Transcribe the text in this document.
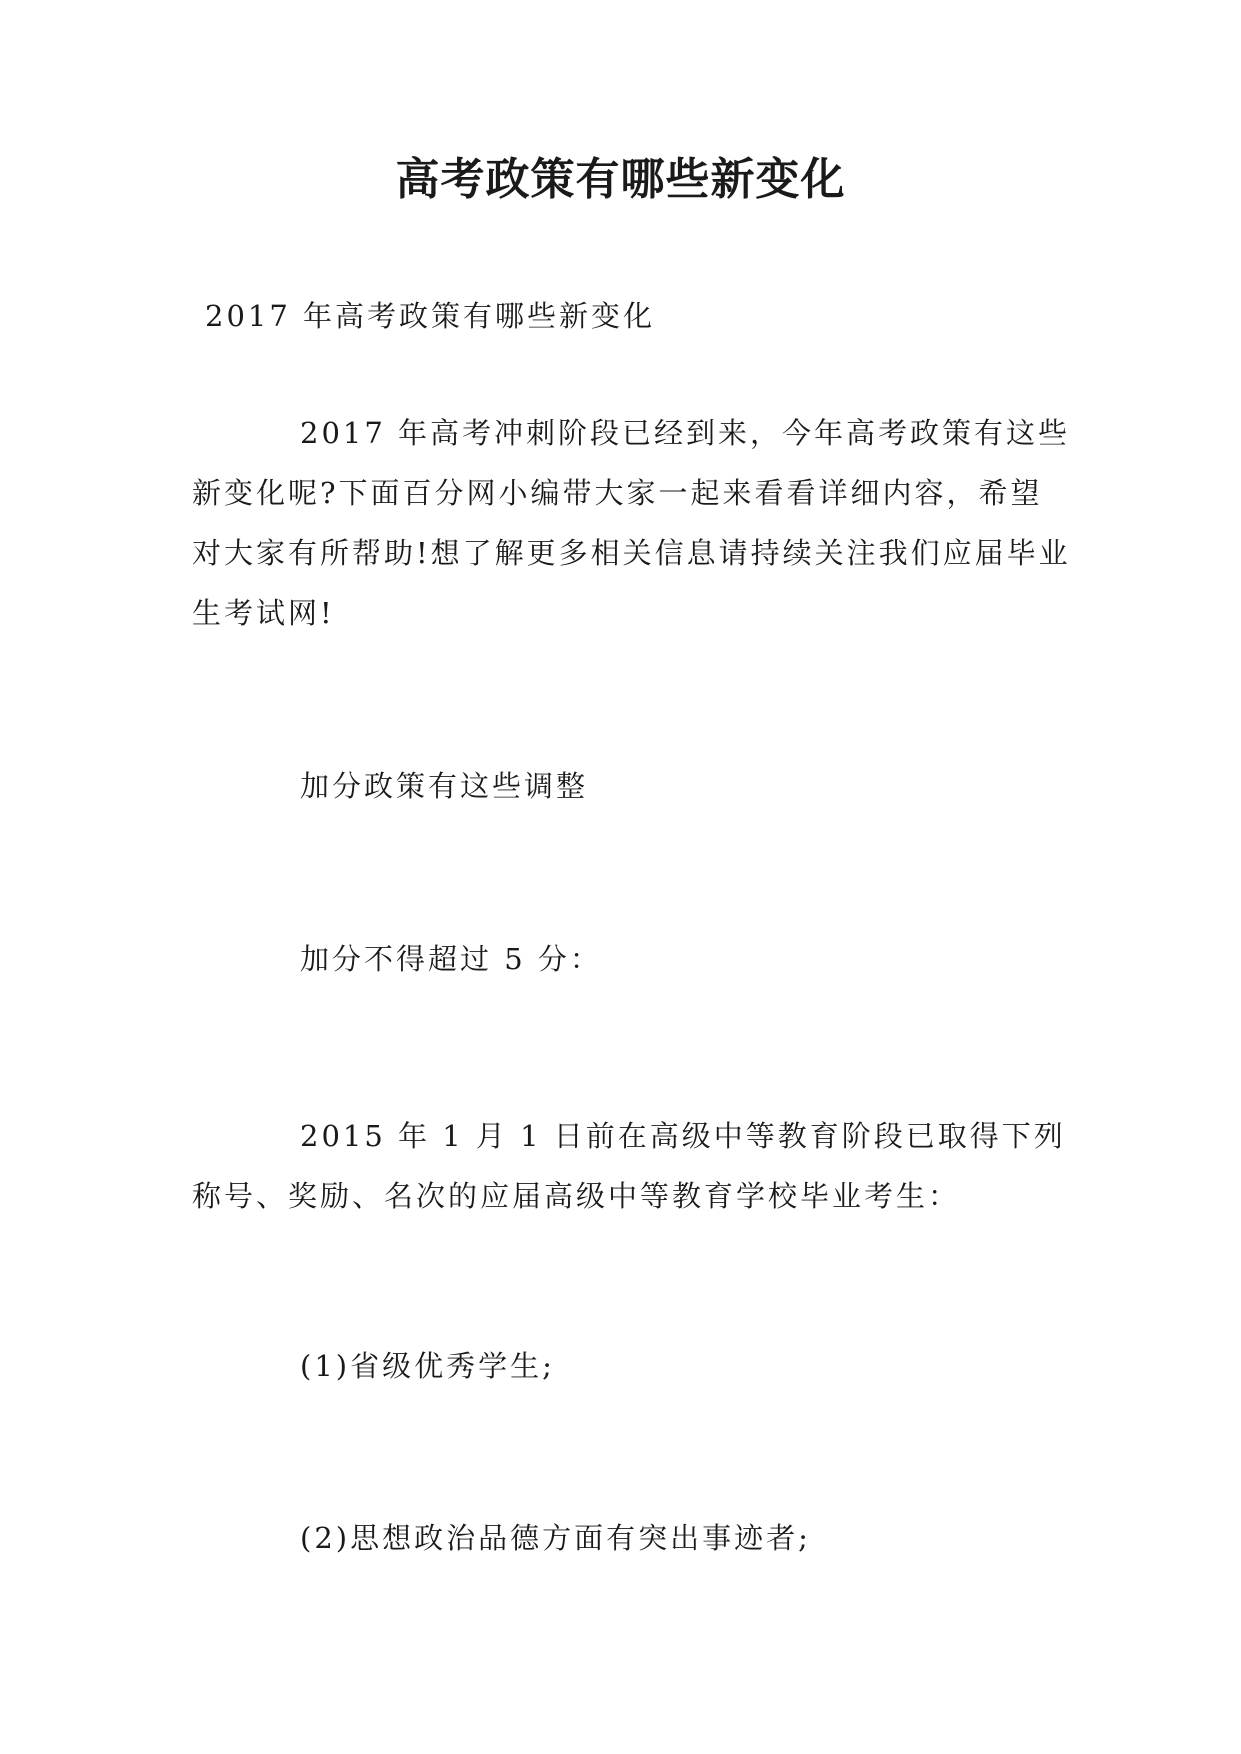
高考政策有哪些新变化
2017 年高考政策有哪些新变化
2017 年高考冲刺阶段已经到来，今年高考政策有这些新变化呢?下面百分网小编带大家一起来看看详细内容，希望对大家有所帮助!想了解更多相关信息请持续关注我们应届毕业生考试网!
加分政策有这些调整
加分不得超过 5 分：
2015 年 1 月 1 日前在高级中等教育阶段已取得下列称号、奖励、名次的应届高级中等教育学校毕业考生：
(1)省级优秀学生;
(2)思想政治品德方面有突出事迹者;
